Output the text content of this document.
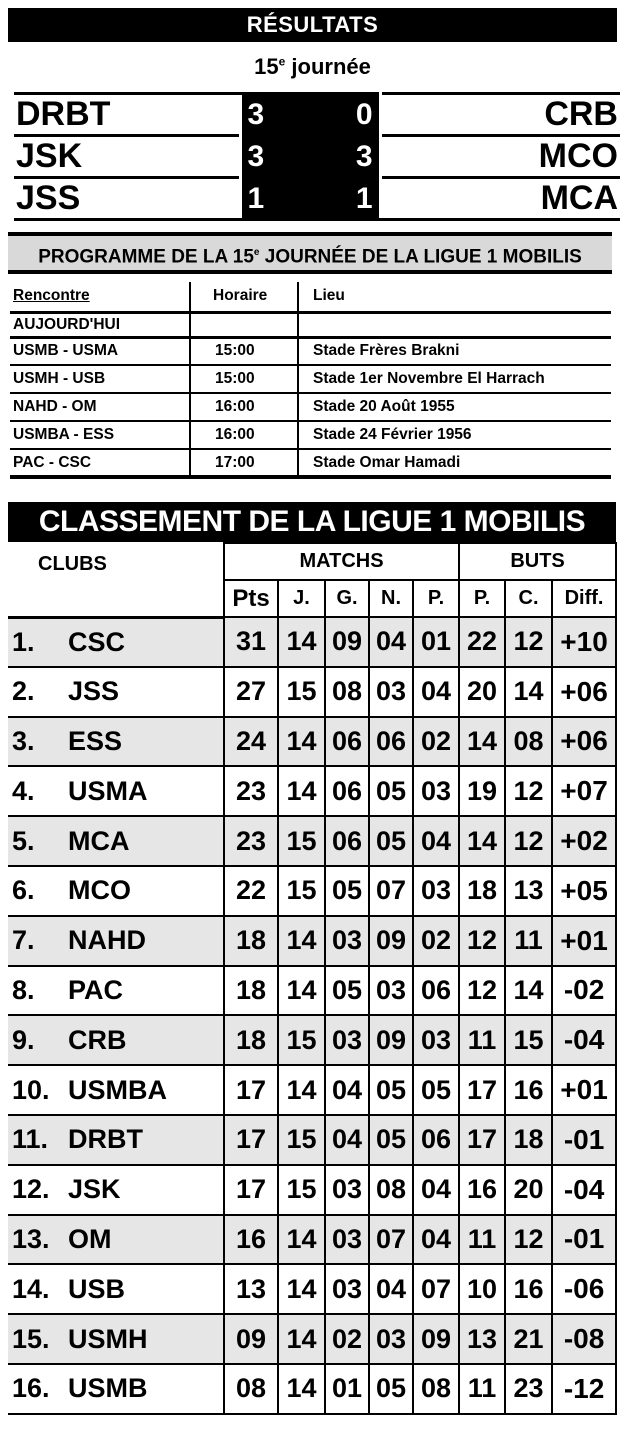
RÉSULTATS
15e journée
DRBT	3	0	CRB
JSK	3	3	MCO
JSS	1	1	MCA
PROGRAMME DE LA 15e JOURNÉE DE LA LIGUE 1 MOBILIS
Rencontre	Horaire	Lieu
AUJOURD'HUI		
USMB - USMA	15:00	Stade Frères Brakni
USMH - USB	15:00	Stade 1er Novembre El Harrach
NAHD - OM	16:00	Stade 20 Août 1955
USMBA - ESS	16:00	Stade 24 Février 1956
PAC - CSC	17:00	Stade Omar Hamadi
CLASSEMENT DE LA LIGUE 1 MOBILIS
CLUBS	MATCHS					BUTS		
	Pts	J.	G.	N.	P.	P.	C.	Diff.
1. CSC	31	14	09	04	01	22	12	+10
2. JSS	27	15	08	03	04	20	14	+06
3. ESS	24	14	06	06	02	14	08	+06
4. USMA	23	14	06	05	03	19	12	+07
5. MCA	23	15	06	05	04	14	12	+02
6. MCO	22	15	05	07	03	18	13	+05
7. NAHD	18	14	03	09	02	12	11	+01
8. PAC	18	14	05	03	06	12	14	-02
9. CRB	18	15	03	09	03	11	15	-04
10. USMBA	17	14	04	05	05	17	16	+01
11. DRBT	17	15	04	05	06	17	18	-01
12. JSK	17	15	03	08	04	16	20	-04
13. OM	16	14	03	07	04	11	12	-01
14. USB	13	14	03	04	07	10	16	-06
15. USMH	09	14	02	03	09	13	21	-08
16. USMB	08	14	01	05	08	11	23	-12
